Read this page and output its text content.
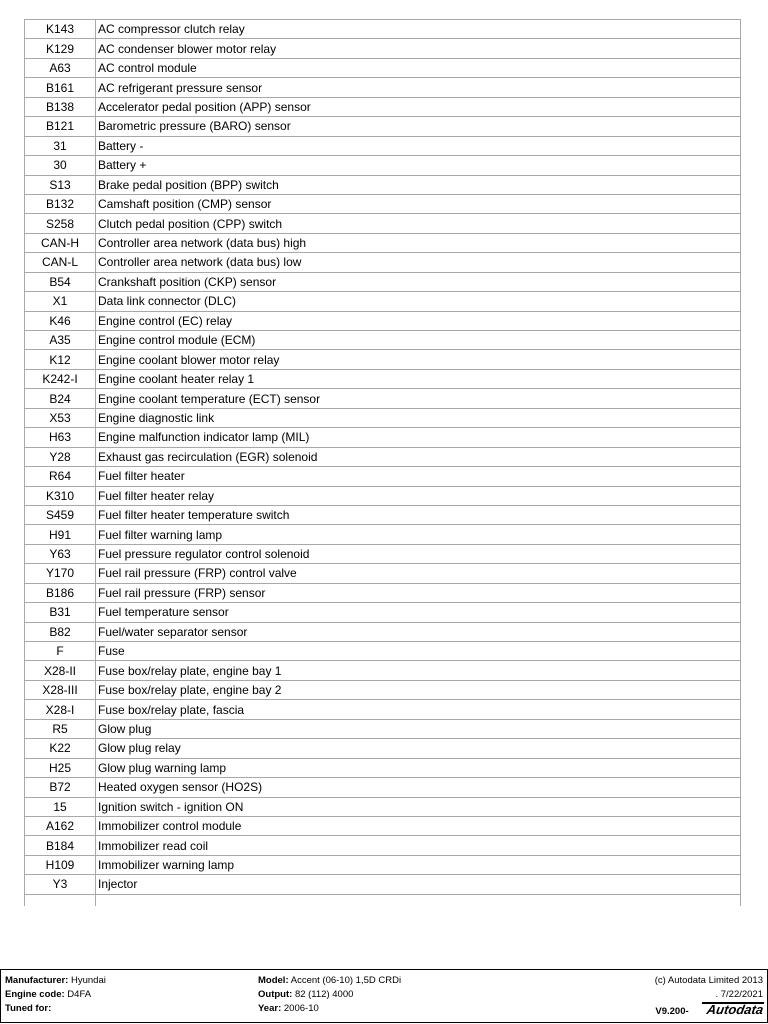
K143	AC compressor clutch relay
K129	AC condenser blower motor relay
A63	AC control module
B161	AC refrigerant pressure sensor
B138	Accelerator pedal position (APP) sensor
B121	Barometric pressure (BARO) sensor
31	Battery -
30	Battery +
S13	Brake pedal position (BPP) switch
B132	Camshaft position (CMP) sensor
S258	Clutch pedal position (CPP) switch
CAN-H	Controller area network (data bus) high
CAN-L	Controller area network (data bus) low
B54	Crankshaft position (CKP) sensor
X1	Data link connector (DLC)
K46	Engine control (EC) relay
A35	Engine control module (ECM)
K12	Engine coolant blower motor relay
K242-I	Engine coolant heater relay 1
B24	Engine coolant temperature (ECT) sensor
X53	Engine diagnostic link
H63	Engine malfunction indicator lamp (MIL)
Y28	Exhaust gas recirculation (EGR) solenoid
R64	Fuel filter heater
K310	Fuel filter heater relay
S459	Fuel filter heater temperature switch
H91	Fuel filter warning lamp
Y63	Fuel pressure regulator control solenoid
Y170	Fuel rail pressure (FRP) control valve
B186	Fuel rail pressure (FRP) sensor
B31	Fuel temperature sensor
B82	Fuel/water separator sensor
F	Fuse
X28-II	Fuse box/relay plate, engine bay 1
X28-III	Fuse box/relay plate, engine bay 2
X28-I	Fuse box/relay plate, fascia
R5	Glow plug
K22	Glow plug relay
H25	Glow plug warning lamp
B72	Heated oxygen sensor (HO2S)
15	Ignition switch - ignition ON
A162	Immobilizer control module
B184	Immobilizer read coil
H109	Immobilizer warning lamp
Y3	Injector

Manufacturer: Hyundai
Engine code: D4FA
Tuned for:
Model: Accent (06-10) 1,5D CRDi
Output: 82 (112) 4000
Year: 2006-10
(c) Autodata Limited 2013
. 7/22/2021
V9.200- Autodata
